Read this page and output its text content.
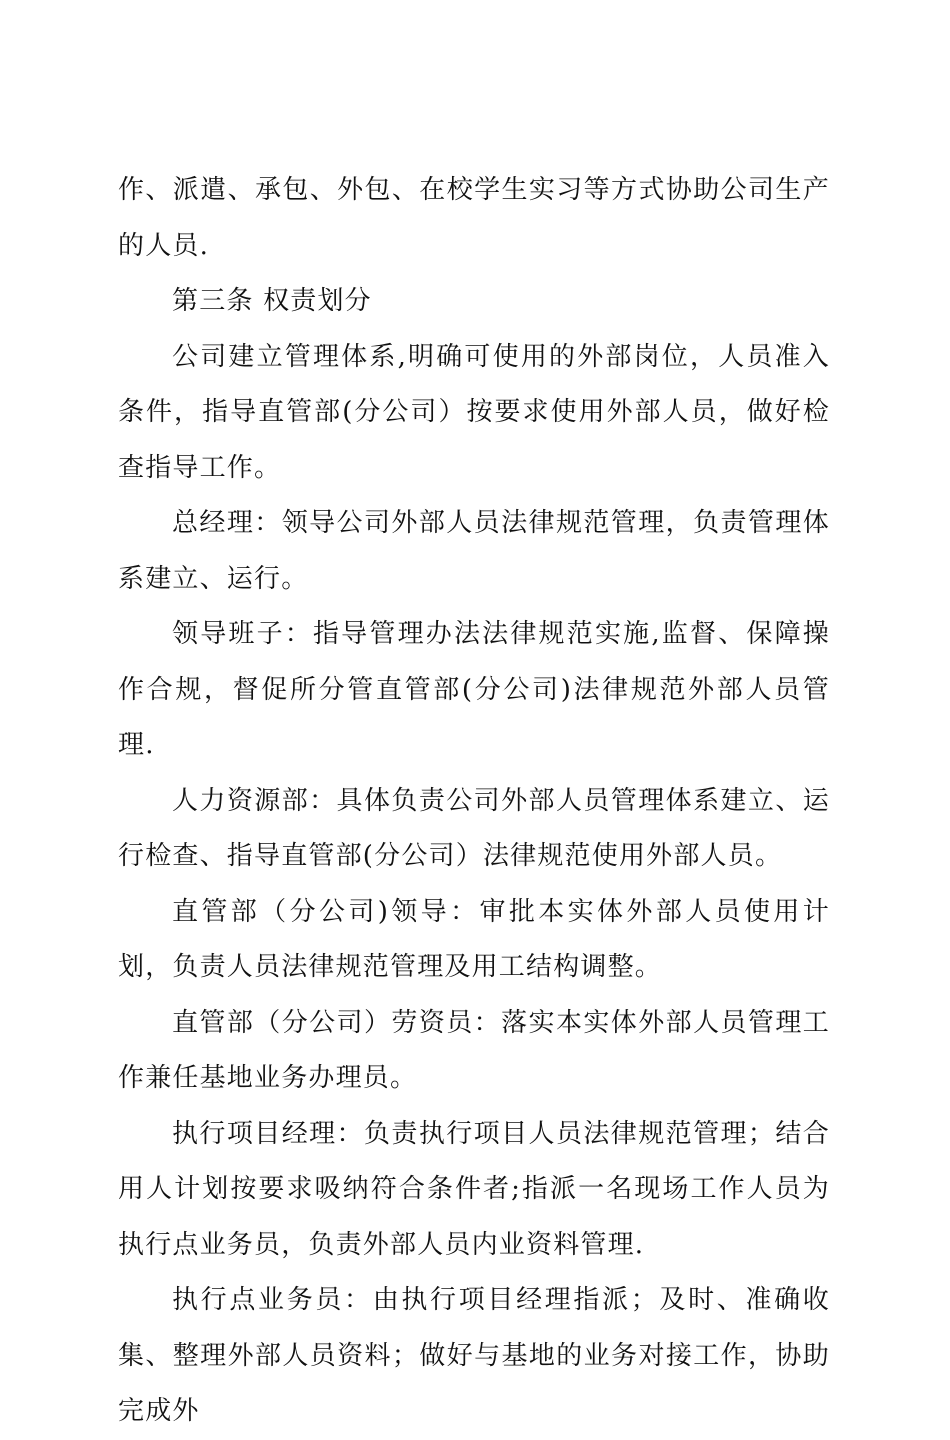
作、派遣、承包、外包、在校学生实习等方式协助公司生产的人员.

第三条 权责划分

公司建立管理体系,明确可使用的外部岗位，人员准入条件，指导直管部(分公司）按要求使用外部人员，做好检查指导工作。

总经理：领导公司外部人员法律规范管理，负责管理体系建立、运行。

领导班子：指导管理办法法律规范实施,监督、保障操作合规，督促所分管直管部(分公司)法律规范外部人员管理.

人力资源部：具体负责公司外部人员管理体系建立、运行检查、指导直管部(分公司）法律规范使用外部人员。

直管部（分公司)领导：审批本实体外部人员使用计划，负责人员法律规范管理及用工结构调整。

直管部（分公司）劳资员：落实本实体外部人员管理工作兼任基地业务办理员。

执行项目经理：负责执行项目人员法律规范管理；结合用人计划按要求吸纳符合条件者;指派一名现场工作人员为执行点业务员，负责外部人员内业资料管理.

执行点业务员：由执行项目经理指派；及时、准确收集、整理外部人员资料；做好与基地的业务对接工作，协助完成外
